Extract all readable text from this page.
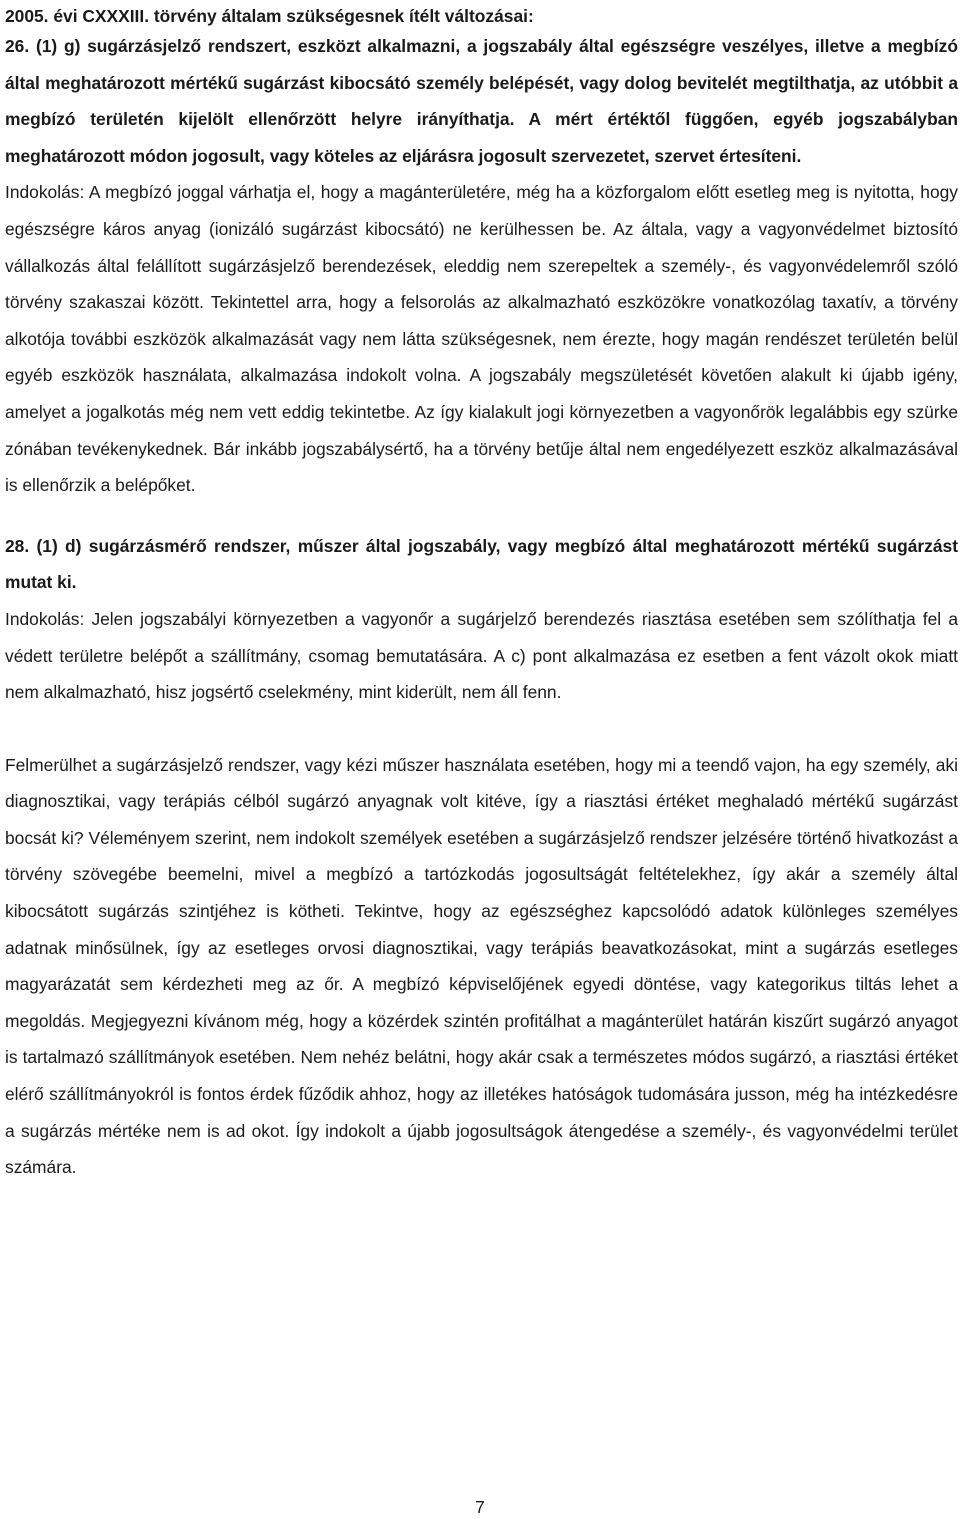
2005. évi CXXXIII. törvény általam szükségesnek ítélt változásai:

26. (1) g) sugárzásjelző rendszert, eszközt alkalmazni, a jogszabály által egészségre veszélyes, illetve a megbízó által meghatározott mértékű sugárzást kibocsátó személy belépését, vagy dolog bevitelét megtilthatja, az utóbbit a megbízó területén kijelölt ellenőrzött helyre irányíthatja. A mért értéktől függően, egyéb jogszabályban meghatározott módon jogosult, vagy köteles az eljárásra jogosult szervezetet, szervet értesíteni.

Indokolás: A megbízó joggal várhatja el, hogy a magánterületére, még ha a közforgalom előtt esetleg meg is nyitotta, hogy egészségre káros anyag (ionizáló sugárzást kibocsátó) ne kerülhessen be. Az általa, vagy a vagyonvédelmet biztosító vállalkozás által felállított sugárzásjelző berendezések, eleddig nem szerepeltek a személy-, és vagyonvédelemről szóló törvény szakaszai között. Tekintettel arra, hogy a felsorolás az alkalmazható eszközökre vonatkozólag taxatív, a törvény alkotója további eszközök alkalmazását vagy nem látta szükségesnek, nem érezte, hogy magán rendészet területén belül egyéb eszközök használata, alkalmazása indokolt volna. A jogszabály megszületését követően alakult ki újabb igény, amelyet a jogalkotás még nem vett eddig tekintetbe. Az így kialakult jogi környezetben a vagyonőrök legalábbis egy szürke zónában tevékenykednek. Bár inkább jogszabálysértő, ha a törvény betűje által nem engedélyezett eszköz alkalmazásával is ellenőrzik a belépőket.

28. (1) d) sugárzásmérő rendszer, műszer által jogszabály, vagy megbízó által meghatározott mértékű sugárzást mutat ki.

Indokolás: Jelen jogszabályi környezetben a vagyonőr a sugárjelző berendezés riasztása esetében sem szólíthatja fel a védett területre belépőt a szállítmány, csomag bemutatására. A c) pont alkalmazása ez esetben a fent vázolt okok miatt nem alkalmazható, hisz jogsértő cselekmény, mint kiderült, nem áll fenn.

Felmerülhet a sugárzásjelző rendszer, vagy kézi műszer használata esetében, hogy mi a teendő vajon, ha egy személy, aki diagnosztikai, vagy terápiás célból sugárzó anyagnak volt kitéve, így a riasztási értéket meghaladó mértékű sugárzást bocsát ki? Véleményem szerint, nem indokolt személyek esetében a sugárzásjelző rendszer jelzésére történő hivatkozást a törvény szövegébe beemelni, mivel a megbízó a tartózkodás jogosultságát feltételekhez, így akár a személy által kibocsátott sugárzás szintjéhez is kötheti. Tekintve, hogy az egészséghez kapcsolódó adatok különleges személyes adatnak minősülnek, így az esetleges orvosi diagnosztikai, vagy terápiás beavatkozásokat, mint a sugárzás esetleges magyarázatát sem kérdezheti meg az őr. A megbízó képviselőjének egyedi döntése, vagy kategorikus tiltás lehet a megoldás. Megjegyezni kívánom még, hogy a közérdek szintén profitálhat a magánterület határán kiszűrt sugárzó anyagot is tartalmazó szállítmányok esetében. Nem nehéz belátni, hogy akár csak a természetes módos sugárzó, a riasztási értéket elérő szállítmányokról is fontos érdek fűződik ahhoz, hogy az illetékes hatóságok tudomására jusson, még ha intézkedésre a sugárzás mértéke nem is ad okot. Így indokolt a újabb jogosultságok átengedése a személy-, és vagyonvédelmi terület számára.

7
